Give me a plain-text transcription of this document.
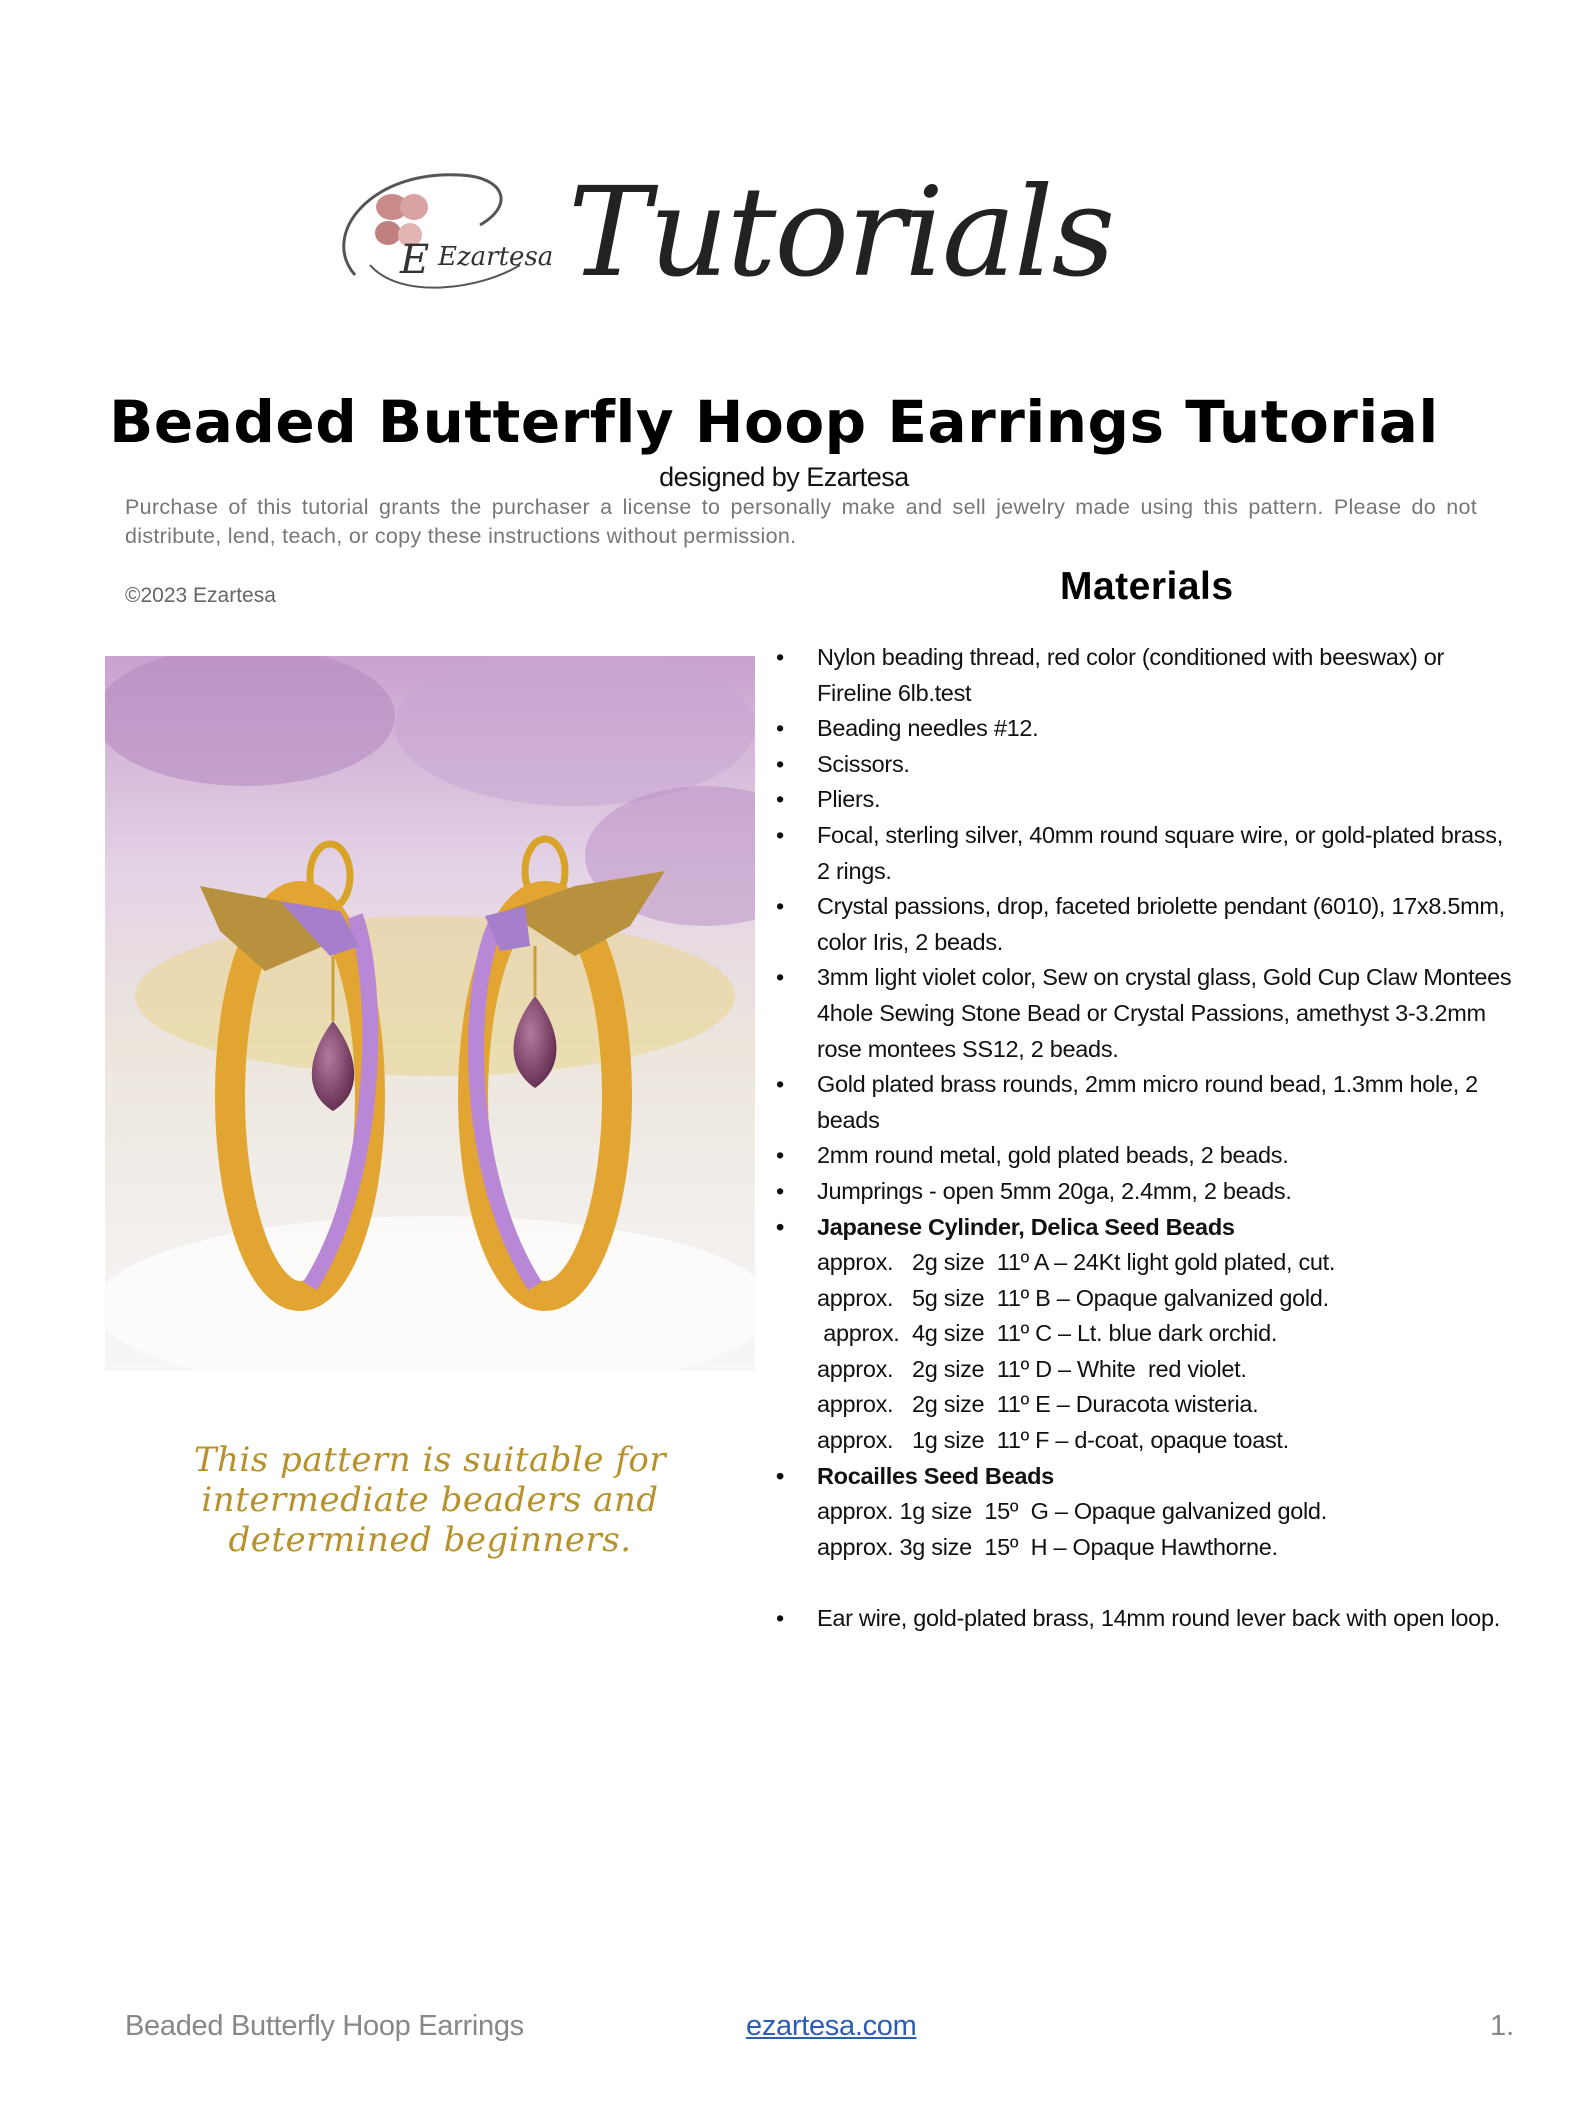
E Ezartesa Tutorials
Beaded Butterfly Hoop Earrings Tutorial
designed by Ezartesa
Purchase of this tutorial grants the purchaser a license to personally make and sell jewelry made using this pattern. Please do not distribute, lend, teach, or copy these instructions without permission.
©2023 Ezartesa	Materials
This pattern is suitable for
intermediate beaders and
determined beginners.
• Nylon beading thread, red color (conditioned with beeswax) or
Fireline 6lb.test
• Beading needles #12.
• Scissors.
• Pliers.
• Focal, sterling silver, 40mm round square wire, or gold-plated brass,
2 rings.
• Crystal passions, drop, faceted briolette pendant (6010), 17x8.5mm,
color Iris, 2 beads.
• 3mm light violet color, Sew on crystal glass, Gold Cup Claw Montees
4hole Sewing Stone Bead or Crystal Passions, amethyst 3-3.2mm
rose montees SS12, 2 beads.
• Gold plated brass rounds, 2mm micro round bead, 1.3mm hole, 2
beads
• 2mm round metal, gold plated beads, 2 beads.
• Jumprings - open 5mm 20ga, 2.4mm, 2 beads.
• Japanese Cylinder, Delica Seed Beads
approx.   2g size  11º A – 24Kt light gold plated, cut.
approx.   5g size  11º B – Opaque galvanized gold.
approx.  4g size  11º C – Lt. blue dark orchid.
approx.   2g size  11º D – White  red violet.
approx.   2g size  11º E – Duracota wisteria.
approx.   1g size  11º F – d-coat, opaque toast.
• Rocailles Seed Beads
approx. 1g size  15º  G – Opaque galvanized gold.
approx. 3g size  15º  H – Opaque Hawthorne.
• Ear wire, gold-plated brass, 14mm round lever back with open loop.
Beaded Butterfly Hoop Earrings	ezartesa.com	1.
